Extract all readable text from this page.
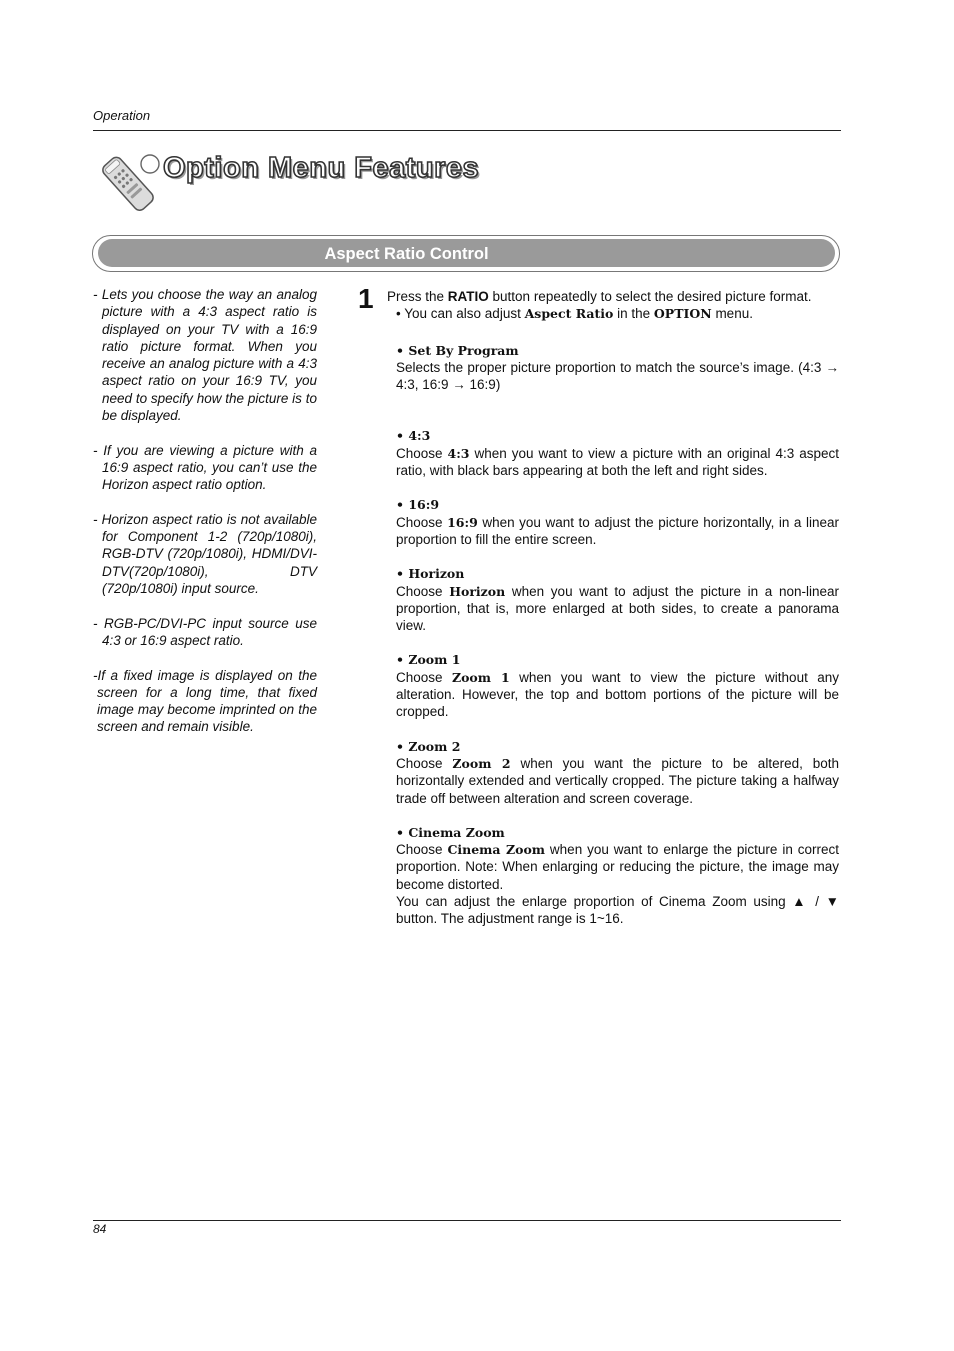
Operation
Option Menu Features
Aspect Ratio Control

- Lets you choose the way an analog picture with a 4:3 aspect ratio is displayed on your TV with a 16:9 ratio picture format. When you receive an analog picture with a 4:3 aspect ratio on your 16:9 TV, you need to specify how the picture is to be displayed.

- If you are viewing a picture with a 16:9 aspect ratio, you can’t use the Horizon aspect ratio option.

- Horizon aspect ratio is not available for Component 1-2 (720p/1080i), RGB-DTV (720p/1080i), HDMI/DVI-DTV(720p/1080i), DTV (720p/1080i) input source.

- RGB-PC/DVI-PC input source use 4:3 or 16:9 aspect ratio.

-If a fixed image is displayed on the screen for a long time, that fixed image may become imprinted on the screen and remain visible.

1 Press the RATIO button repeatedly to select the desired picture format.

• You can also adjust Aspect Ratio in the OPTION menu.

• Set By Program
Selects the proper picture proportion to match the source’s image. (4:3 → 4:3, 16:9 → 16:9)
• 4:3
Choose 4:3 when you want to view a picture with an original 4:3 aspect ratio, with black bars appearing at both the left and right sides.
• 16:9
Choose 16:9 when you want to adjust the picture horizontally, in a linear proportion to fill the entire screen.
• Horizon
Choose Horizon when you want to adjust the picture in a non-linear proportion, that is, more enlarged at both sides, to create a panorama view.
• Zoom 1
Choose Zoom 1 when you want to view the picture without any alteration. However, the top and bottom portions of the picture will be cropped.
• Zoom 2
Choose Zoom 2 when you want the picture to be altered, both horizontally extended and vertically cropped. The picture taking a halfway trade off between alteration and screen coverage.
• Cinema Zoom
Choose Cinema Zoom when you want to enlarge the picture in correct proportion. Note: When enlarging or reducing the picture, the image may become distorted.
You can adjust the enlarge proportion of Cinema Zoom using ▲ / ▼ button. The adjustment range is 1~16.
84
